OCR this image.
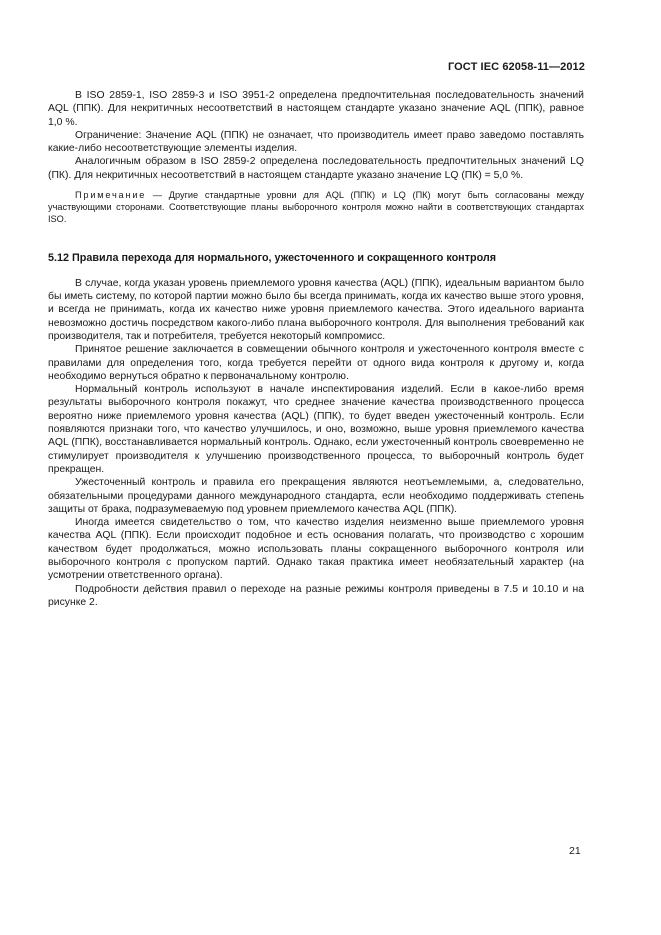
ГОСТ IEC 62058-11—2012

В ISO 2859-1, ISO 2859-3 и ISO 3951-2 определена предпочтительная последовательность значений AQL (ППК). Для некритичных несоответствий в настоящем стандарте указано значение AQL (ППК), равное 1,0 %.

Ограничение: Значение AQL (ППК) не означает, что производитель имеет право заведомо поставлять какие-либо несоответствующие элементы изделия.

Аналогичным образом в ISO 2859-2 определена последовательность предпочтительных значений LQ (ПК). Для некритичных несоответствий в настоящем стандарте указано значение LQ (ПК) = 5,0 %.

Примечание — Другие стандартные уровни для AQL (ППК) и LQ (ПК) могут быть согласованы между участвующими сторонами. Соответствующие планы выборочного контроля можно найти в соответствующих стандартах ISO.

5.12 Правила перехода для нормального, ужесточенного и сокращенного контроля

В случае, когда указан уровень приемлемого уровня качества (AQL) (ППК), идеальным вариантом было бы иметь систему, по которой партии можно было бы всегда принимать, когда их качество выше этого уровня, и всегда не принимать, когда их качество ниже уровня приемлемого качества. Этого идеального варианта невозможно достичь посредством какого-либо плана выборочного контроля. Для выполнения требований как производителя, так и потребителя, требуется некоторый компромисс.

Принятое решение заключается в совмещении обычного контроля и ужесточенного контроля вместе с правилами для определения того, когда требуется перейти от одного вида контроля к другому и, когда необходимо вернуться обратно к первоначальному контролю.

Нормальный контроль используют в начале инспектирования изделий. Если в какое-либо время результаты выборочного контроля покажут, что среднее значение качества производственного процесса вероятно ниже приемлемого уровня качества (AQL) (ППК), то будет введен ужесточенный контроль. Если появляются признаки того, что качество улучшилось, и оно, возможно, выше уровня приемлемого качества AQL (ППК), восстанавливается нормальный контроль. Однако, если ужесточенный контроль своевременно не стимулирует производителя к улучшению производственного процесса, то выборочный контроль будет прекращен.

Ужесточенный контроль и правила его прекращения являются неотъемлемыми, а, следовательно, обязательными процедурами данного международного стандарта, если необходимо поддерживать степень защиты от брака, подразумеваемую под уровнем приемлемого качества AQL (ППК).

Иногда имеется свидетельство о том, что качество изделия неизменно выше приемлемого уровня качества AQL (ППК). Если происходит подобное и есть основания полагать, что производство с хорошим качеством будет продолжаться, можно использовать планы сокращенного выборочного контроля или выборочного контроля с пропуском партий. Однако такая практика имеет необязательный характер (на усмотрении ответственного органа).

Подробности действия правил о переходе на разные режимы контроля приведены в 7.5 и 10.10 и на рисунке 2.

21
